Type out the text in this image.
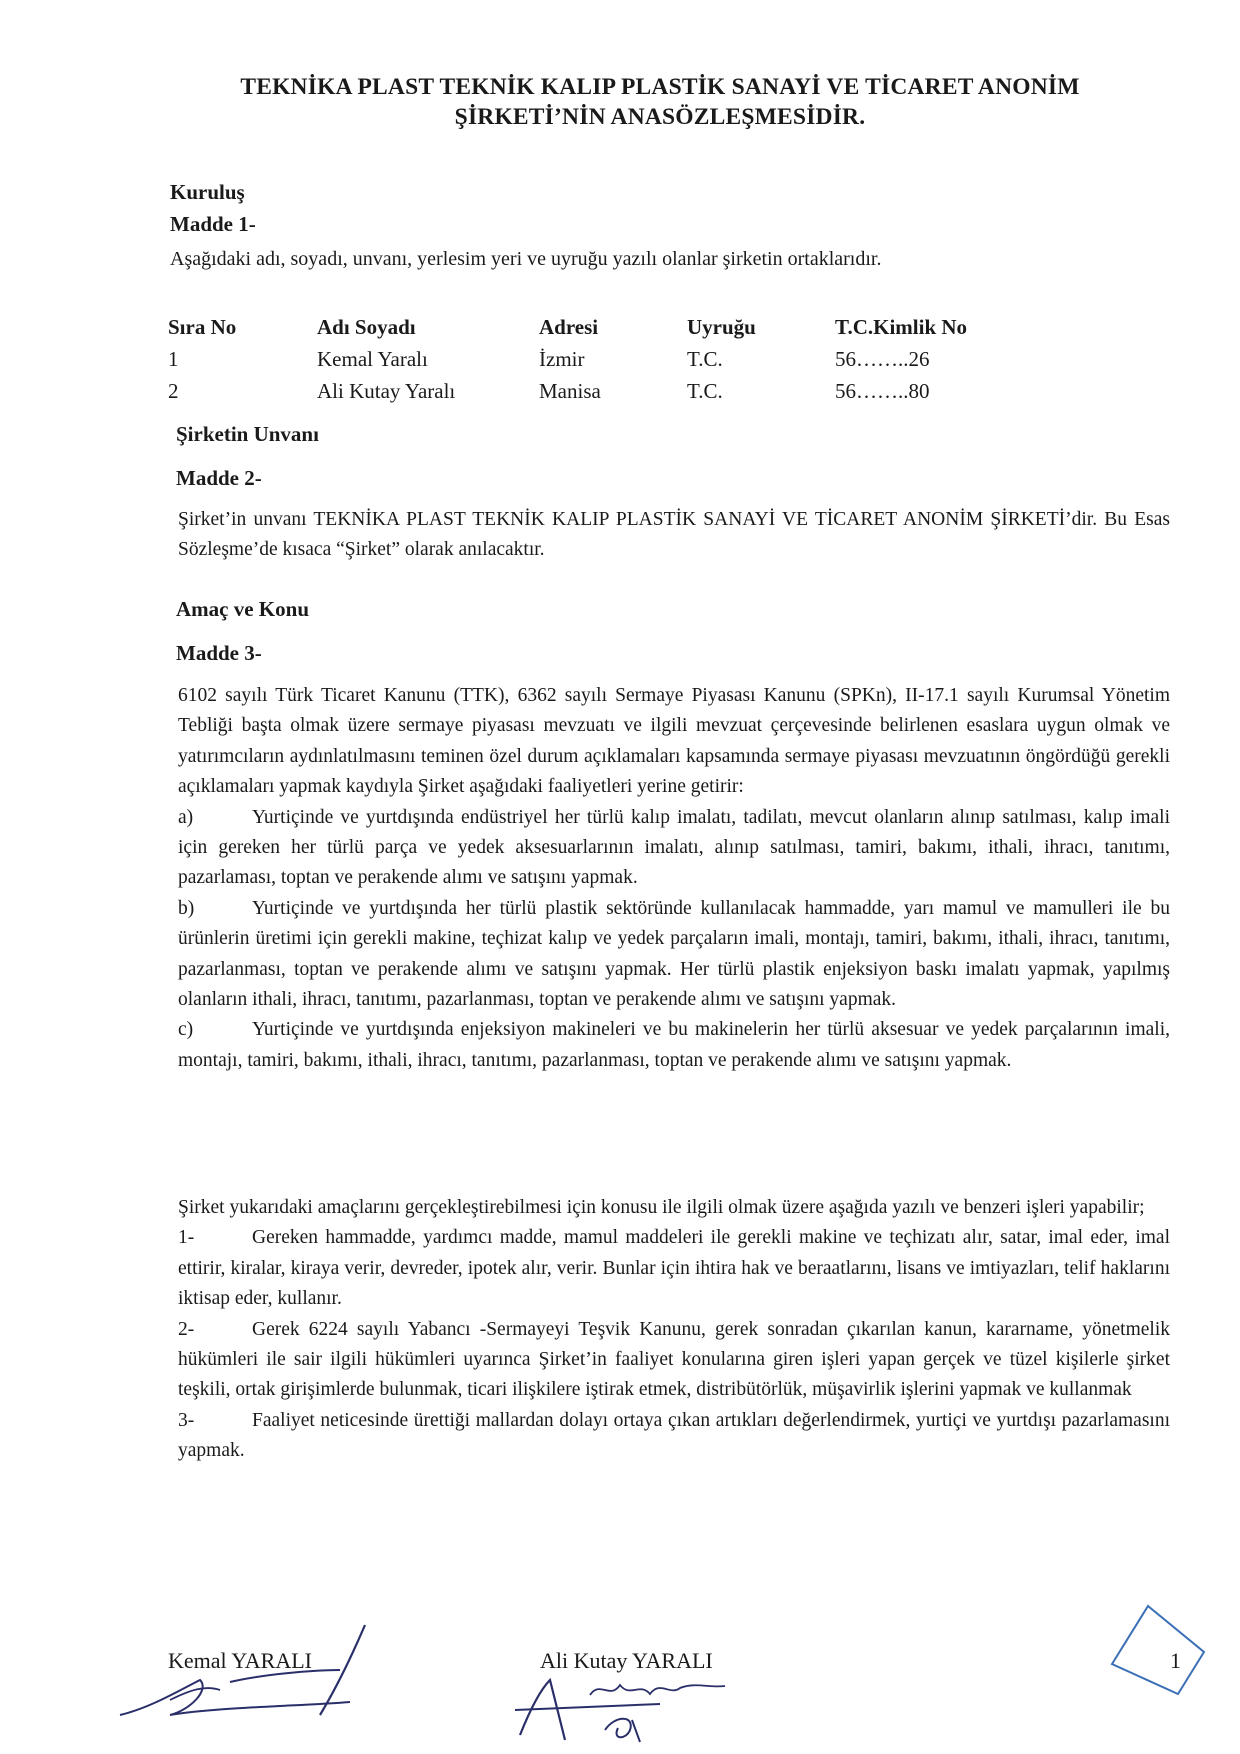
TEKNİKA PLAST TEKNİK KALIP PLASTİK SANAYİ VE TİCARET ANONİM
ŞİRKETİ’NİN ANASÖZLEŞMESİDİR.
Kuruluş
Madde 1-
Aşağıdaki adı, soyadı, unvanı, yerlesim yeri ve uyruğu yazılı olanlar şirketin ortaklarıdır.
Sıra No	Adı Soyadı	Adresi	Uyruğu	T.C.Kimlik No
1	Kemal Yaralı	İzmir	T.C.	56……..26
2	Ali Kutay Yaralı	Manisa	T.C.	56……..80
Şirketin Unvanı
Madde 2-

Şirket’in unvanı TEKNİKA PLAST TEKNİK KALIP PLASTİK SANAYİ VE TİCARET ANONİM ŞİRKETİ’dir. Bu Esas Sözleşme’de kısaca “Şirket” olarak anılacaktır.

Amaç ve Konu
Madde 3-

6102 sayılı Türk Ticaret Kanunu (TTK), 6362 sayılı Sermaye Piyasası Kanunu (SPKn), II-17.1 sayılı Kurumsal Yönetim Tebliği başta olmak üzere sermaye piyasası mevzuatı ve ilgili mevzuat çerçevesinde belirlenen esaslara uygun olmak ve yatırımcıların aydınlatılmasını teminen özel durum açıklamaları kapsamında sermaye piyasası mevzuatının öngördüğü gerekli açıklamaları yapmak kaydıyla Şirket aşağıdaki faaliyetleri yerine getirir:

a)	Yurtiçinde ve yurtdışında endüstriyel her türlü kalıp imalatı, tadilatı, mevcut olanların alınıp satılması, kalıp imali için gereken her türlü parça ve yedek aksesuarlarının imalatı, alınıp satılması, tamiri, bakımı, ithali, ihracı, tanıtımı, pazarlaması, toptan ve perakende alımı ve satışını yapmak.

b)	Yurtiçinde ve yurtdışında her türlü plastik sektöründe kullanılacak hammadde, yarı mamul ve mamulleri ile bu ürünlerin üretimi için gerekli makine, teçhizat kalıp ve yedek parçaların imali, montajı, tamiri, bakımı, ithali, ihracı, tanıtımı, pazarlanması, toptan ve perakende alımı ve satışını yapmak. Her türlü plastik enjeksiyon baskı imalatı yapmak, yapılmış olanların ithali, ihracı, tanıtımı, pazarlanması, toptan ve perakende alımı ve satışını yapmak.

c)	Yurtiçinde ve yurtdışında enjeksiyon makineleri ve bu makinelerin her türlü aksesuar ve yedek parçalarının imali, montajı, tamiri, bakımı, ithali, ihracı, tanıtımı, pazarlanması, toptan ve perakende alımı ve satışını yapmak.

Şirket yukarıdaki amaçlarını gerçekleştirebilmesi için konusu ile ilgili olmak üzere aşağıda yazılı ve benzeri işleri yapabilir;

1-	Gereken hammadde, yardımcı madde, mamul maddeleri ile gerekli makine ve teçhizatı alır, satar, imal eder, imal ettirir, kiralar, kiraya verir, devreder, ipotek alır, verir. Bunlar için ihtira hak ve beraatlarını, lisans ve imtiyazları, telif haklarını iktisap eder, kullanır.

2-	Gerek 6224 sayılı Yabancı -Sermayeyi Teşvik Kanunu, gerek sonradan çıkarılan kanun, kararname, yönetmelik hükümleri ile sair ilgili hükümleri uyarınca Şirket’in faaliyet konularına giren işleri yapan gerçek ve tüzel kişilerle şirket teşkili, ortak girişimlerde bulunmak, ticari ilişkilere iştirak etmek, distribütörlük, müşavirlik işlerini yapmak ve kullanmak

3-	Faaliyet neticesinde ürettiği mallardan dolayı ortaya çıkan artıkları değerlendirmek, yurtiçi ve yurtdışı pazarlamasını yapmak.

Kemal YARALI	Ali Kutay YARALI	1
